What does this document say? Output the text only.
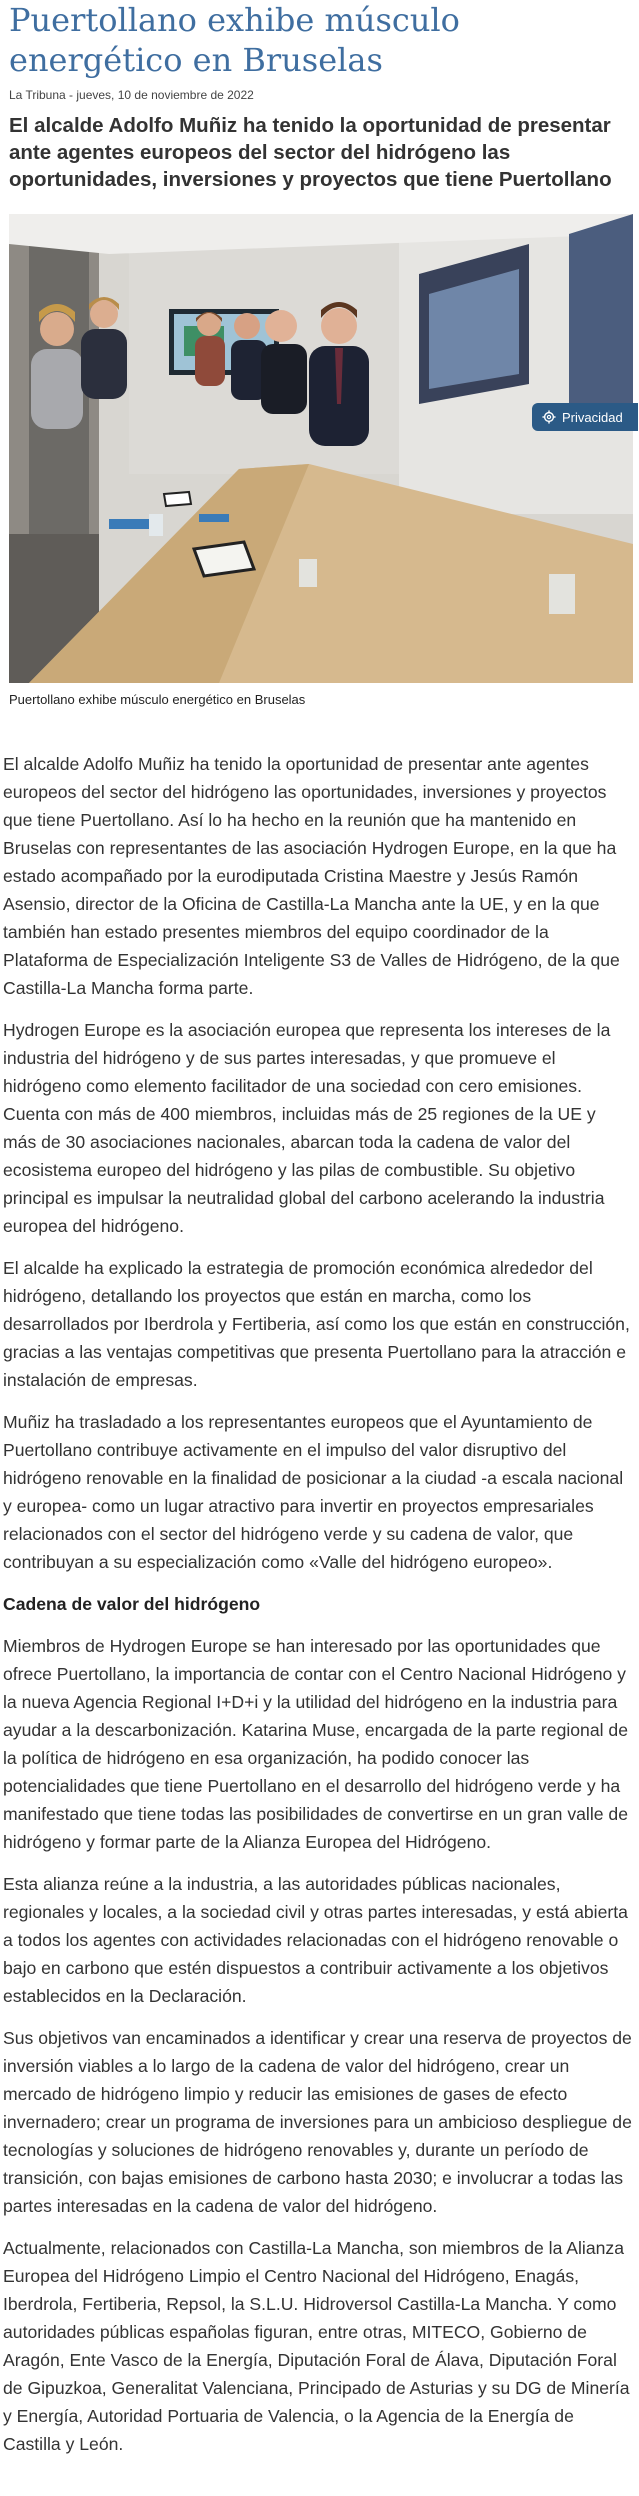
Puertollano exhibe músculo energético en Bruselas
La Tribuna - jueves, 10 de noviembre de 2022
El alcalde Adolfo Muñiz ha tenido la oportunidad de presentar ante agentes europeos del sector del hidrógeno las oportunidades, inversiones y proyectos que tiene Puertollano
Privacidad
Puertollano exhibe músculo energético en Bruselas

El alcalde Adolfo Muñiz ha tenido la oportunidad de presentar ante agentes europeos del sector del hidrógeno las oportunidades, inversiones y proyectos que tiene Puertollano. Así lo ha hecho en la reunión que ha mantenido en Bruselas con representantes de las asociación Hydrogen Europe, en la que ha estado acompañado por la eurodiputada Cristina Maestre y Jesús Ramón Asensio, director de la Oficina de Castilla-La Mancha ante la UE, y en la que también han estado presentes miembros del equipo coordinador de la Plataforma de Especialización Inteligente S3 de Valles de Hidrógeno, de la que Castilla-La Mancha forma parte.

Hydrogen Europe es la asociación europea que representa los intereses de la industria del hidrógeno y de sus partes interesadas, y que promueve el hidrógeno como elemento facilitador de una sociedad con cero emisiones. Cuenta con más de 400 miembros, incluidas más de 25 regiones de la UE y más de 30 asociaciones nacionales, abarcan toda la cadena de valor del ecosistema europeo del hidrógeno y las pilas de combustible. Su objetivo principal es impulsar la neutralidad global del carbono acelerando la industria europea del hidrógeno.

El alcalde ha explicado la estrategia de promoción económica alrededor del hidrógeno, detallando los proyectos que están en marcha, como los desarrollados por Iberdrola y Fertiberia, así como los que están en construcción, gracias a las ventajas competitivas que presenta Puertollano para la atracción e instalación de empresas.

Muñiz ha trasladado a los representantes europeos que el Ayuntamiento de Puertollano contribuye activamente en el impulso del valor disruptivo del hidrógeno renovable en la finalidad de posicionar a la ciudad -a escala nacional y europea- como un lugar atractivo para invertir en proyectos empresariales relacionados con el sector del hidrógeno verde y su cadena de valor, que contribuyan a su especialización como «Valle del hidrógeno europeo».

Cadena de valor del hidrógeno

Miembros de Hydrogen Europe se han interesado por las oportunidades que ofrece Puertollano, la importancia de contar con el Centro Nacional Hidrógeno y la nueva Agencia Regional I+D+i y la utilidad del hidrógeno en la industria para ayudar a la descarbonización. Katarina Muse, encargada de la parte regional de la política de hidrógeno en esa organización, ha podido conocer las potencialidades que tiene Puertollano en el desarrollo del hidrógeno verde y ha manifestado que tiene todas las posibilidades de convertirse en un gran valle de hidrógeno y formar parte de la Alianza Europea del Hidrógeno.

Esta alianza reúne a la industria, a las autoridades públicas nacionales, regionales y locales, a la sociedad civil y otras partes interesadas, y está abierta a todos los agentes con actividades relacionadas con el hidrógeno renovable o bajo en carbono que estén dispuestos a contribuir activamente a los objetivos establecidos en la Declaración.

Sus objetivos van encaminados a identificar y crear una reserva de proyectos de inversión viables a lo largo de la cadena de valor del hidrógeno, crear un mercado de hidrógeno limpio y reducir las emisiones de gases de efecto invernadero; crear un programa de inversiones para un ambicioso despliegue de tecnologías y soluciones de hidrógeno renovables y, durante un período de transición, con bajas emisiones de carbono hasta 2030; e involucrar a todas las partes interesadas en la cadena de valor del hidrógeno.

Actualmente, relacionados con Castilla-La Mancha, son miembros de la Alianza Europea del Hidrógeno Limpio el Centro Nacional del Hidrógeno, Enagás, Iberdrola, Fertiberia, Repsol, la S.L.U. Hidroversol Castilla-La Mancha. Y como autoridades públicas españolas figuran, entre otras, MITECO, Gobierno de Aragón, Ente Vasco de la Energía, Diputación Foral de Álava, Diputación Foral de Gipuzkoa, Generalitat Valenciana, Principado de Asturias y su DG de Minería y Energía, Autoridad Portuaria de Valencia, o la Agencia de la Energía de Castilla y León.
